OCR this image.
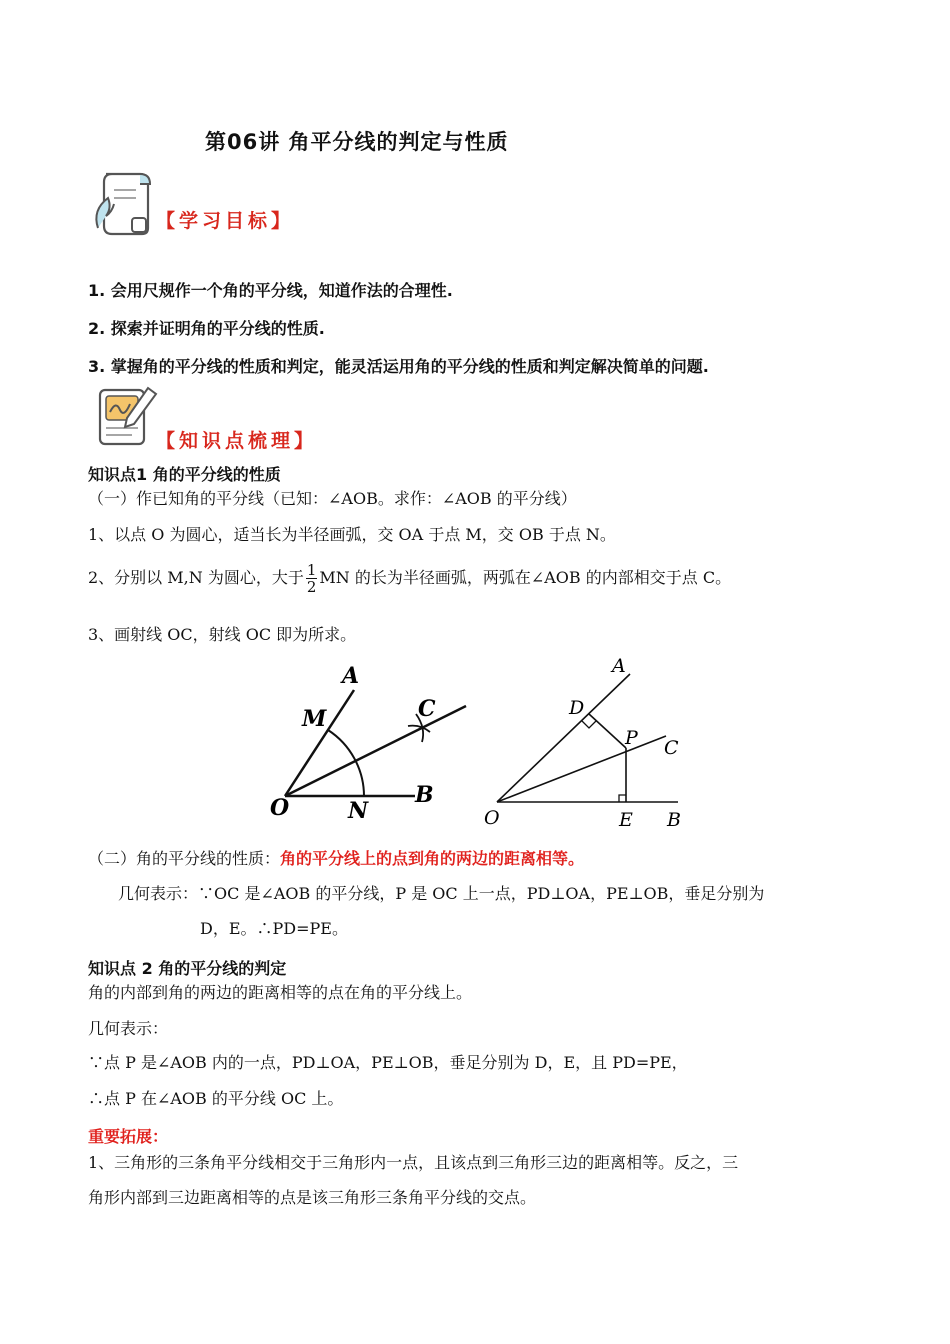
第06讲 角平分线的判定与性质
【学习目标】
1. 会用尺规作一个角的平分线，知道作法的合理性.
2. 探索并证明角的平分线的性质.
3. 掌握角的平分线的性质和判定，能灵活运用角的平分线的性质和判定解决简单的问题.
【知识点梳理】
知识点1 角的平分线的性质
（一）作已知角的平分线（已知：∠AOB。求作：∠AOB 的平分线）
1、以点 O 为圆心，适当长为半径画弧，交 OA 于点 M，交 OB 于点 N。
2、分别以 M,N 为圆心，大于 $\frac{1}{2}$ MN 的长为半径画弧，两弧在∠AOB 的内部相交于点 C。
3、画射线 OC，射线 OC 即为所求。
A
M	C
O	N
B
A
D
P C
O	E B
（二）角的平分线的性质：角的平分线上的点到角的两边的距离相等。
几何表示：∵OC 是∠AOB 的平分线，P 是 OC 上一点，PD⊥OA，PE⊥OB，垂足分别为
D，E。∴PD=PE。
知识点 2 角的平分线的判定
角的内部到角的两边的距离相等的点在角的平分线上。
几何表示：
∵点 P 是∠AOB 内的一点，PD⊥OA，PE⊥OB，垂足分别为 D，E，且 PD=PE，
∴点 P 在∠AOB 的平分线 OC 上。
重要拓展：
1、三角形的三条角平分线相交于三角形内一点，且该点到三角形三边的距离相等。反之，三
角形内部到三边距离相等的点是该三角形三条角平分线的交点。
